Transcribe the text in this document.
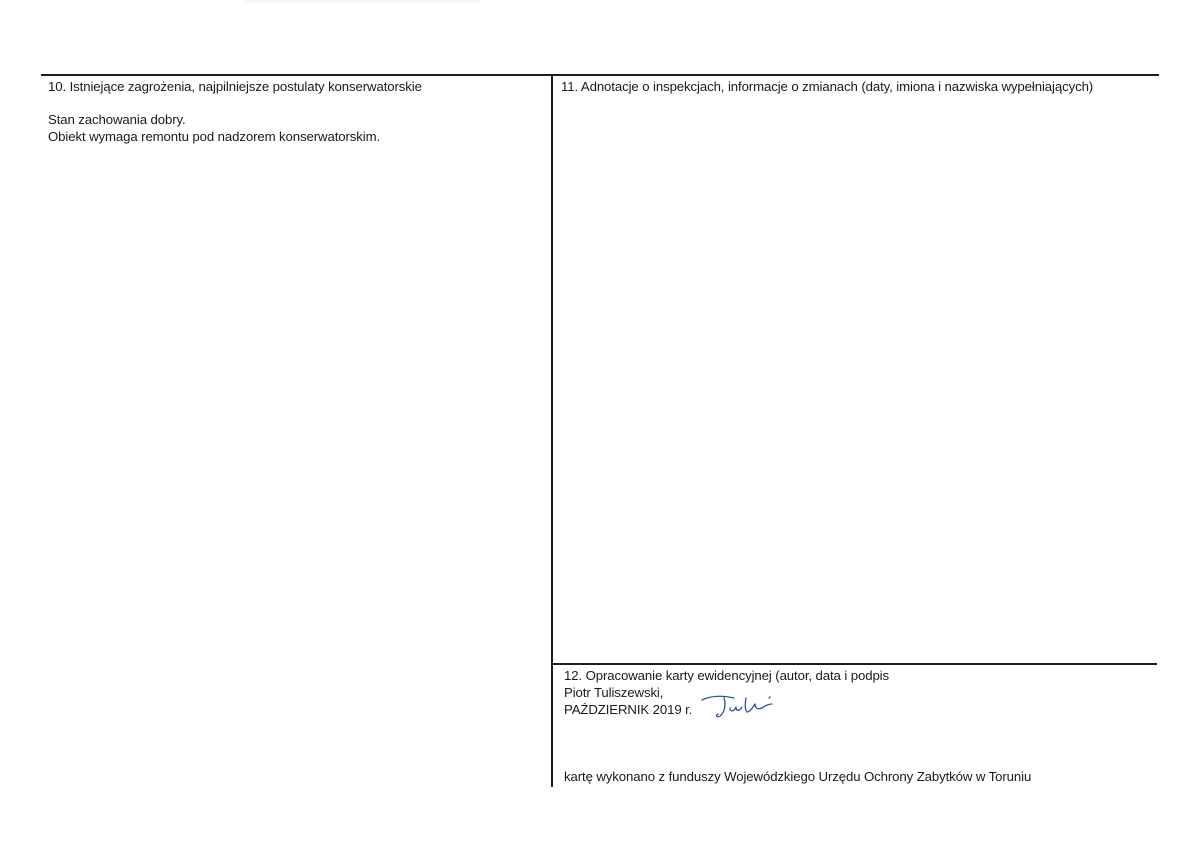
10. Istniejące zagrożenia, najpilniejsze postulaty konserwatorskie
Stan zachowania dobry.
Obiekt wymaga remontu pod nadzorem konserwatorskim.
11. Adnotacje o inspekcjach, informacje o zmianach (daty, imiona i nazwiska wypełniających)
12. Opracowanie karty ewidencyjnej (autor, data i podpis
Piotr Tuliszewski,
PAŹDZIERNIK 2019 r.
kartę wykonano z funduszy Wojewódzkiego Urzędu Ochrony Zabytków w Toruniu
